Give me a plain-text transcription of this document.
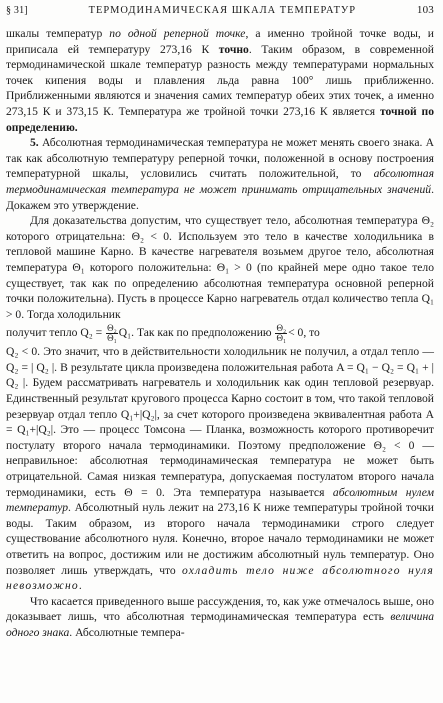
§ 31]	ТЕРМОДИНАМИЧЕСКАЯ ШКАЛА ТЕМПЕРАТУР	103

шкалы температур по одной реперной точке, а именно тройной точке воды, и приписала ей температуру 273,16 К точно. Таким образом, в современной термодинамической шкале температур разность между температурами нормальных точек кипения воды и плавления льда равна 100° лишь приближенно. Приближенными являются и значения самих температур обеих этих точек, а именно 273,15 К и 373,15 К. Температура же тройной точки 273,16 К является точной по определению.

5. Абсолютная термодинамическая температура не может менять своего знака. А так как абсолютную температуру реперной точки, положенной в основу построения температурной шкалы, условились считать положительной, то абсолютная термодинамическая температура не может принимать отрицательных значений. Докажем это утверждение.

Для доказательства допустим, что существует тело, абсолютная температура Θ₂ которого отрицательна: Θ₂ < 0. Используем это тело в качестве холодильника в тепловой машине Карно. В качестве нагревателя возьмем другое тело, абсолютная температура Θ₁ которого положительна: Θ₁ > 0 (по крайней мере одно такое тело существует, так как по определению абсолютная температура основной реперной точки положительна). Пусть в процессе Карно нагреватель отдал количество тепла Q₁ > 0. Тогда холодильник

получит тепло $Q_2 = \frac{\text{Θ₂}}{\text{Θ₁}} Q_1$. Так как по предположению $\frac{\text{Θ₂}}{\text{Θ₁}} < 0$, то

Q₂ < 0. Это значит, что в действительности холодильник не получил, а отдал тепло — Q₂ = | Q₂ |. В результате цикла произведена положительная работа A = Q₁ − Q₂ = Q₁ + | Q₂ |. Будем рассматривать нагреватель и холодильник как один тепловой резервуар. Единственный результат кругового процесса Карно состоит в том, что такой тепловой резервуар отдал тепло Q₁+|Q₂|, за счет которого произведена эквивалентная работа A = Q₁+|Q₂|. Это — процесс Томсона — Планка, возможность которого противоречит постулату второго начала термодинамики. Поэтому предположение Θ₂ < 0 — неправильное: абсолютная термодинамическая температура не может быть отрицательной. Самая низкая температура, допускаемая постулатом второго начала термодинамики, есть Θ = 0. Эта температура называется абсолютным нулем температур. Абсолютный нуль лежит на 273,16 К ниже температуры тройной точки воды. Таким образом, из второго начала термодинамики строго следует существование абсолютного нуля. Конечно, второе начало термодинамики не может ответить на вопрос, достижим или не достижим абсолютный нуль температур. Оно позволяет лишь утверждать, что охладить тело ниже абсолютного нуля невозможно.

Что касается приведенного выше рассуждения, то, как уже отмечалось выше, оно доказывает лишь, что абсолютная термодинамическая температура есть величина одного знака. Абсолютные темпера-
